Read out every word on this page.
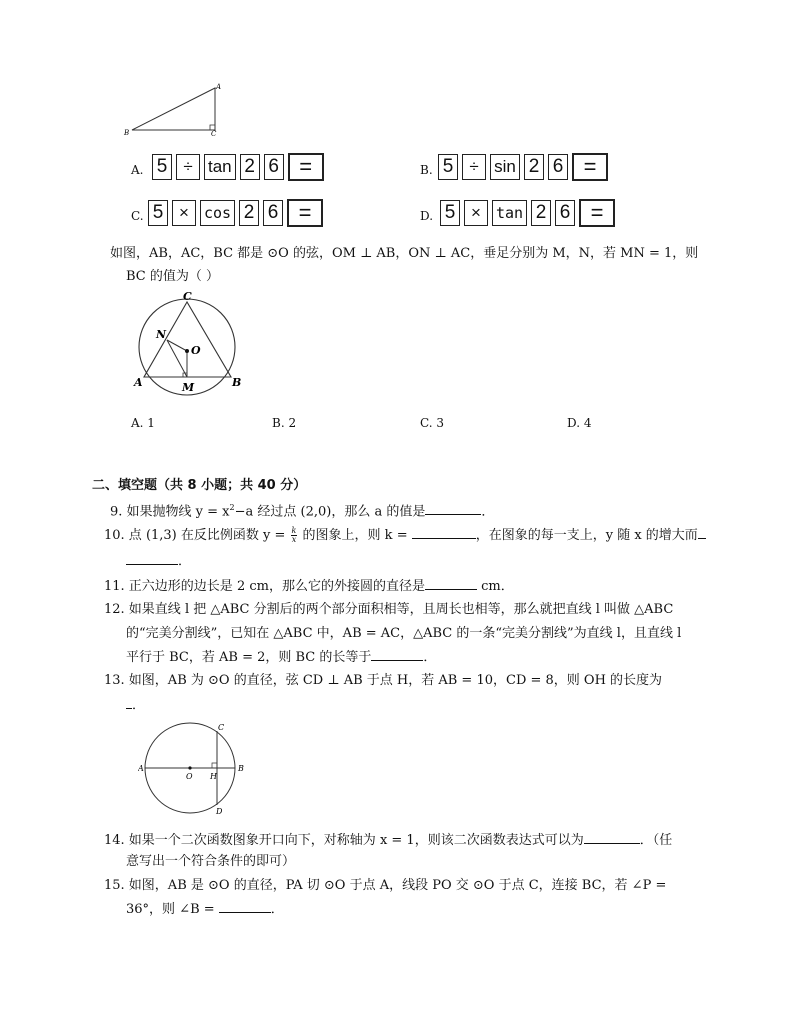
A
B	C
A. 5 ÷ tan 2 6 =	B. 5 ÷ sin 2 6 =
C. 5 ×	cos 2 6 =	D. 5 ×	tan 2 6 =
如图，AB，AC，BC 都是 ⊙O 的弦，OM ⊥ AB，ON ⊥ AC，垂足分别为 M，N，若 MN = 1，则
BC 的值为（ ）
C
N
O
A	M	B
A. 1	B. 2	C. 3	D. 4
二、填空题（共 8 小题；共 40 分）
9. 如果抛物线 $y = x^2-a$ 经过点 (2,0)，那么 a 的值是	．
10. 点 (1,3) 在反比例函数 $y = \frac{k}{x}$ 的图象上，则 k =	，在图象的每一支上，y 随 x 的增大而
．
11. 正六边形的边长是 2 cm，那么它的外接圆的直径是	cm．
12. 如果直线 l 把 △ABC 分割后的两个部分面积相等，且周长也相等，那么就把直线 l 叫做 △ABC
的“完美分割线”，已知在 △ABC 中，AB = AC，△ABC 的一条“完美分割线”为直线 l，且直线 l
平行于 BC，若 AB = 2，则 BC 的长等于	．
13. 如图，AB 为 ⊙O 的直径，弦 CD ⊥ AB 于点 H，若 AB = 10，CD = 8，则 OH 的长度为
．
A
O H
B
C
D
14. 如果一个二次函数图象开口向下，对称轴为 x = 1，则该二次函数表达式可以为	．（任
意写出一个符合条件的即可）
15. 如图，AB 是 ⊙O 的直径，PA 切 ⊙O 于点 A，线段 PO 交 ⊙O 于点 C，连接 BC，若 ∠P =
36°，则 ∠B =	．
